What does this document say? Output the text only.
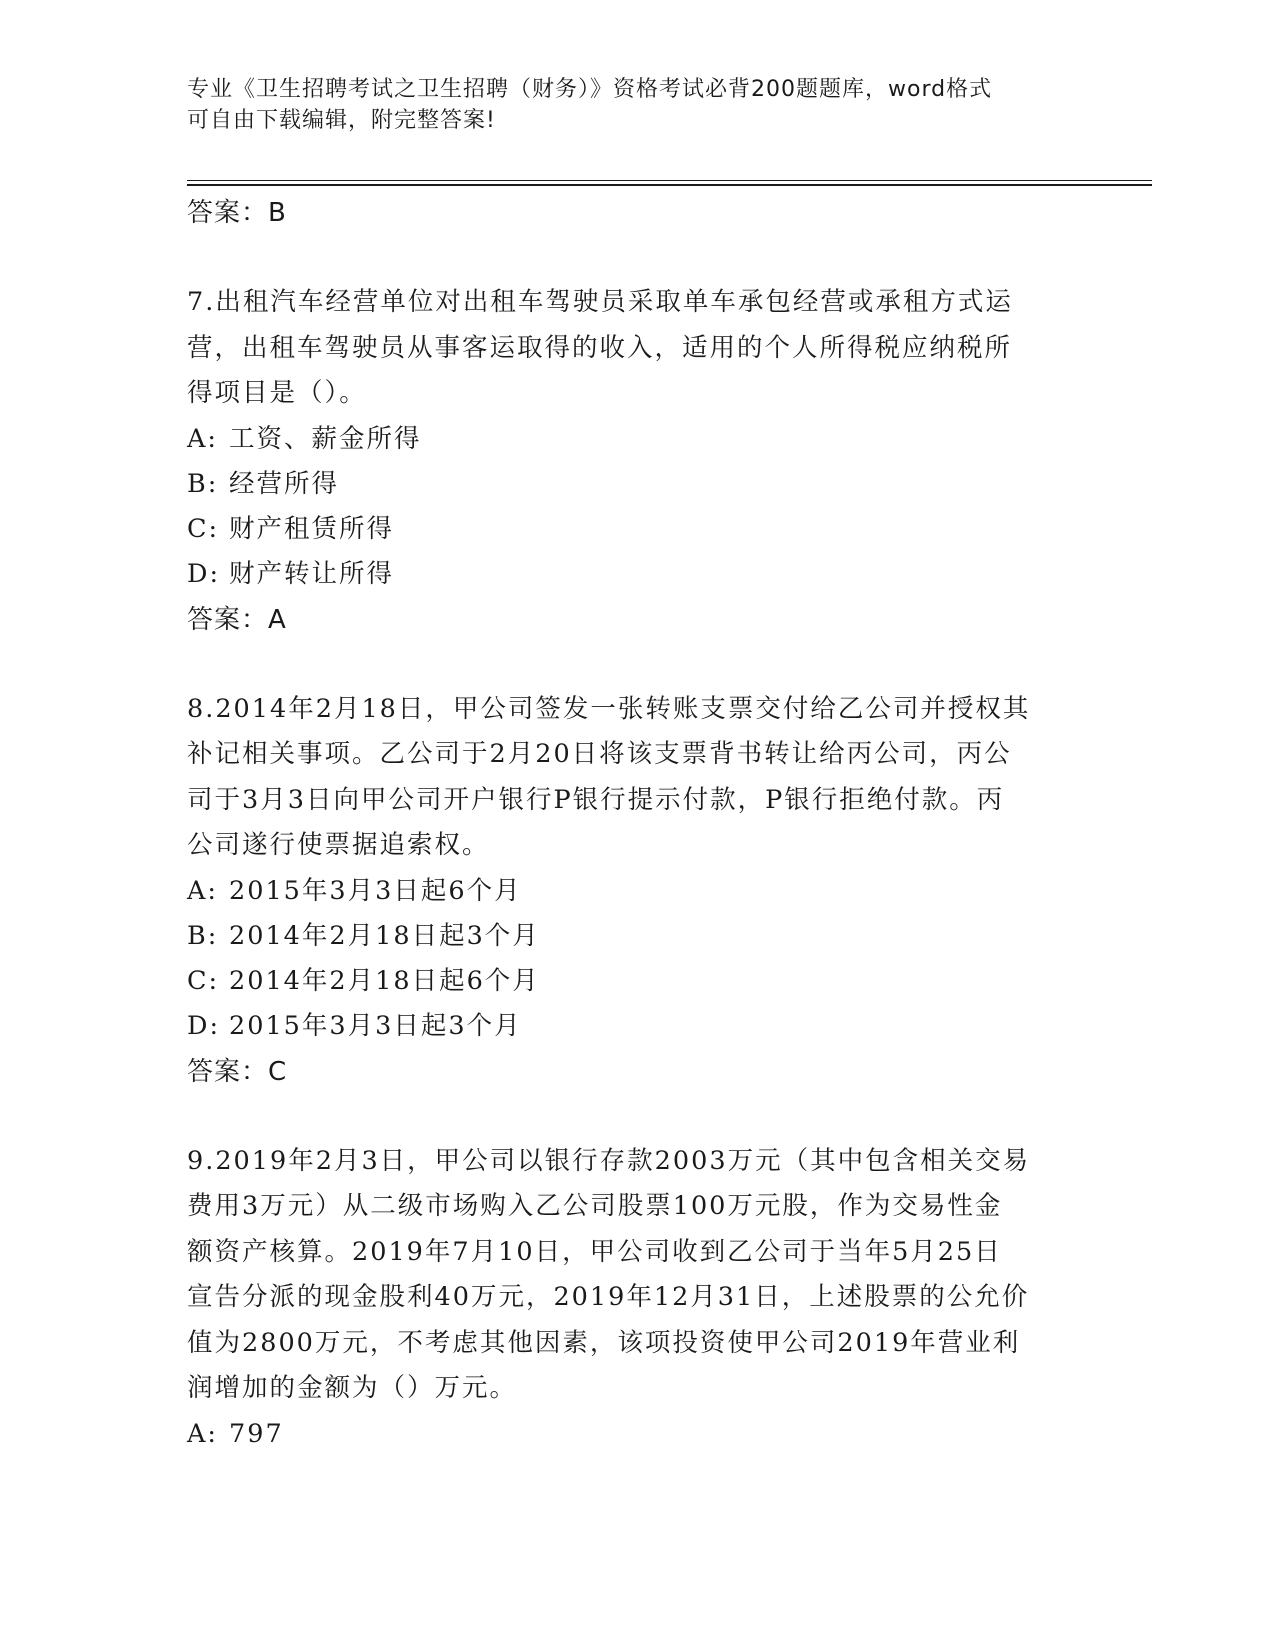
专业《卫生招聘考试之卫生招聘（财务）》资格考试必背200题题库，word格式
可自由下载编辑，附完整答案!
答案：B
7.出租汽车经营单位对出租车驾驶员采取单车承包经营或承租方式运
营，出租车驾驶员从事客运取得的收入，适用的个人所得税应纳税所
得项目是（）。
A: 工资、薪金所得
B: 经营所得
C: 财产租赁所得
D: 财产转让所得
答案：A
8.2014年2月18日，甲公司签发一张转账支票交付给乙公司并授权其
补记相关事项。乙公司于2月20日将该支票背书转让给丙公司，丙公
司于3月3日向甲公司开户银行P银行提示付款，P银行拒绝付款。丙
公司遂行使票据追索权。
A: 2015年3月3日起6个月
B: 2014年2月18日起3个月
C: 2014年2月18日起6个月
D: 2015年3月3日起3个月
答案：C
9.2019年2月3日，甲公司以银行存款2003万元（其中包含相关交易
费用3万元）从二级市场购入乙公司股票100万元股，作为交易性金
额资产核算。2019年7月10日，甲公司收到乙公司于当年5月25日
宣告分派的现金股利40万元，2019年12月31日，上述股票的公允价
值为2800万元，不考虑其他因素，该项投资使甲公司2019年营业利
润增加的金额为（）万元。
A: 797
